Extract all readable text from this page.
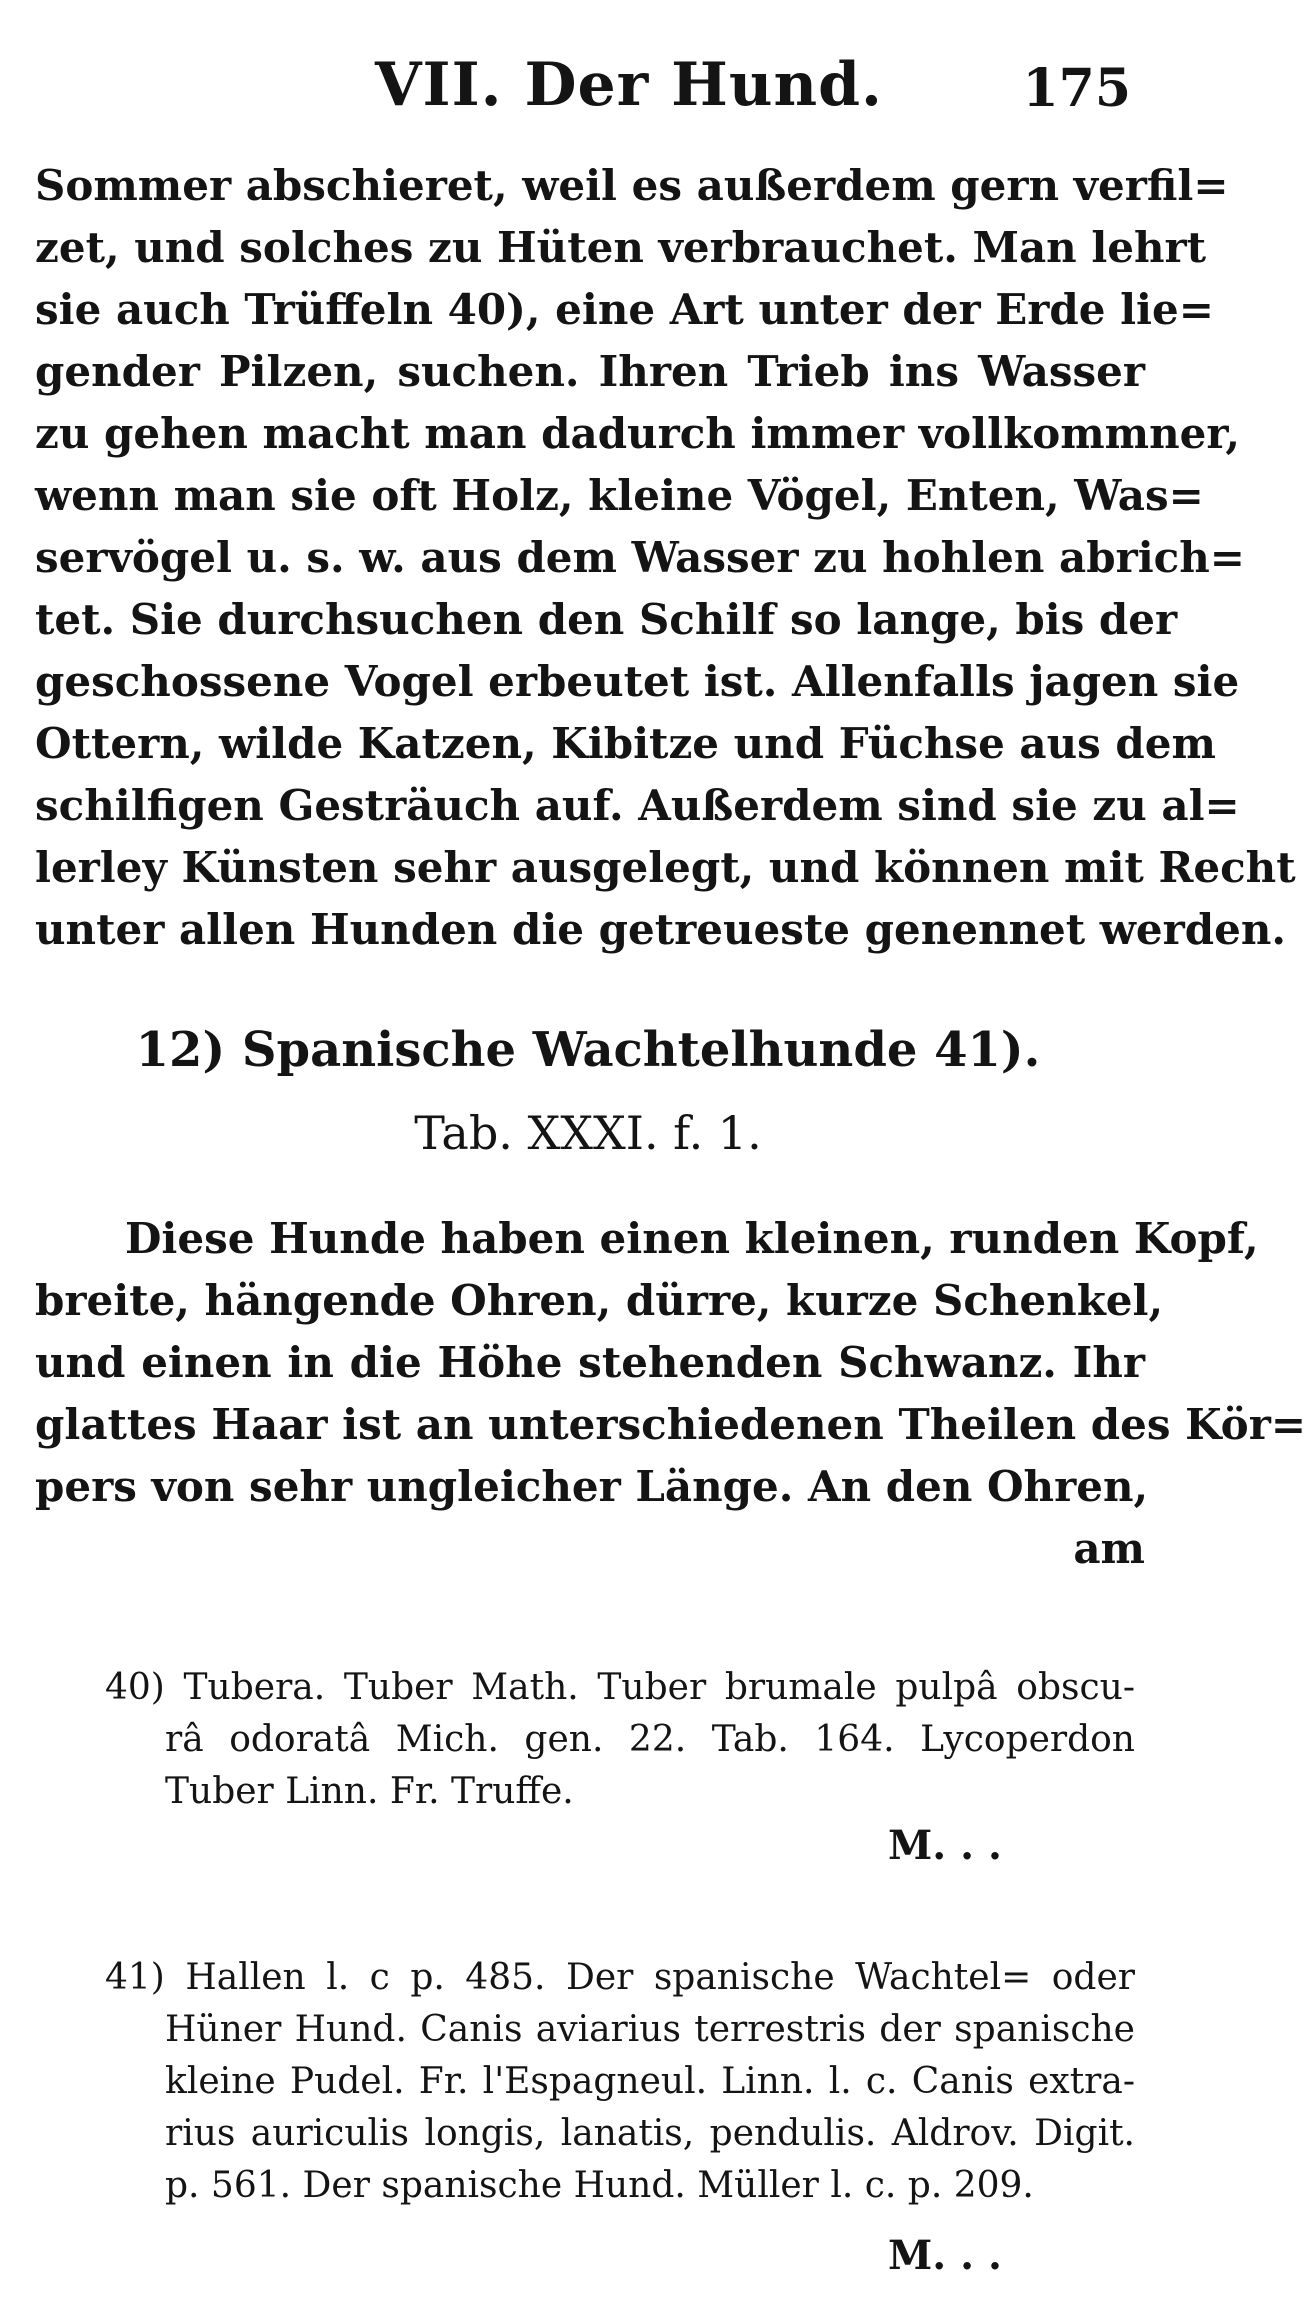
VII. Der Hund.	175
Sommer abschieret, weil es außerdem gern verfil=
zet, und solches zu Hüten verbrauchet. Man lehrt
sie auch Trüffeln 40), eine Art unter der Erde lie=
gender Pilzen, suchen. Ihren Trieb ins Wasser
zu gehen macht man dadurch immer vollkommner,
wenn man sie oft Holz, kleine Vögel, Enten, Was=
servögel u. s. w. aus dem Wasser zu hohlen abrich=
tet. Sie durchsuchen den Schilf so lange, bis der
geschossene Vogel erbeutet ist. Allenfalls jagen sie
Ottern, wilde Katzen, Kibitze und Füchse aus dem
schilfigen Gesträuch auf. Außerdem sind sie zu al=
lerley Künsten sehr ausgelegt, und können mit Recht
unter allen Hunden die getreueste genennet werden.
12) Spanische Wachtelhunde 41).
Tab. XXXI. f. 1.
Diese Hunde haben einen kleinen, runden Kopf,
breite, hängende Ohren, dürre, kurze Schenkel,
und einen in die Höhe stehenden Schwanz. Ihr
glattes Haar ist an unterschiedenen Theilen des Kör=
pers von sehr ungleicher Länge. An den Ohren,
am
40) Tubera. Tuber Math. Tuber brumale pulpâ obscu-
râ odoratâ Mich. gen. 22. Tab. 164. Lycoperdon
Tuber Linn. Fr. Truffe.
M. . .
41) Hallen l. c p. 485. Der spanische Wachtel= oder
Hüner Hund. Canis aviarius terrestris der spanische
kleine Pudel. Fr. l'Espagneul. Linn. l. c. Canis extra-
rius auriculis longis, lanatis, pendulis. Aldrov. Digit.
p. 561. Der spanische Hund. Müller l. c. p. 209.
M. . .
